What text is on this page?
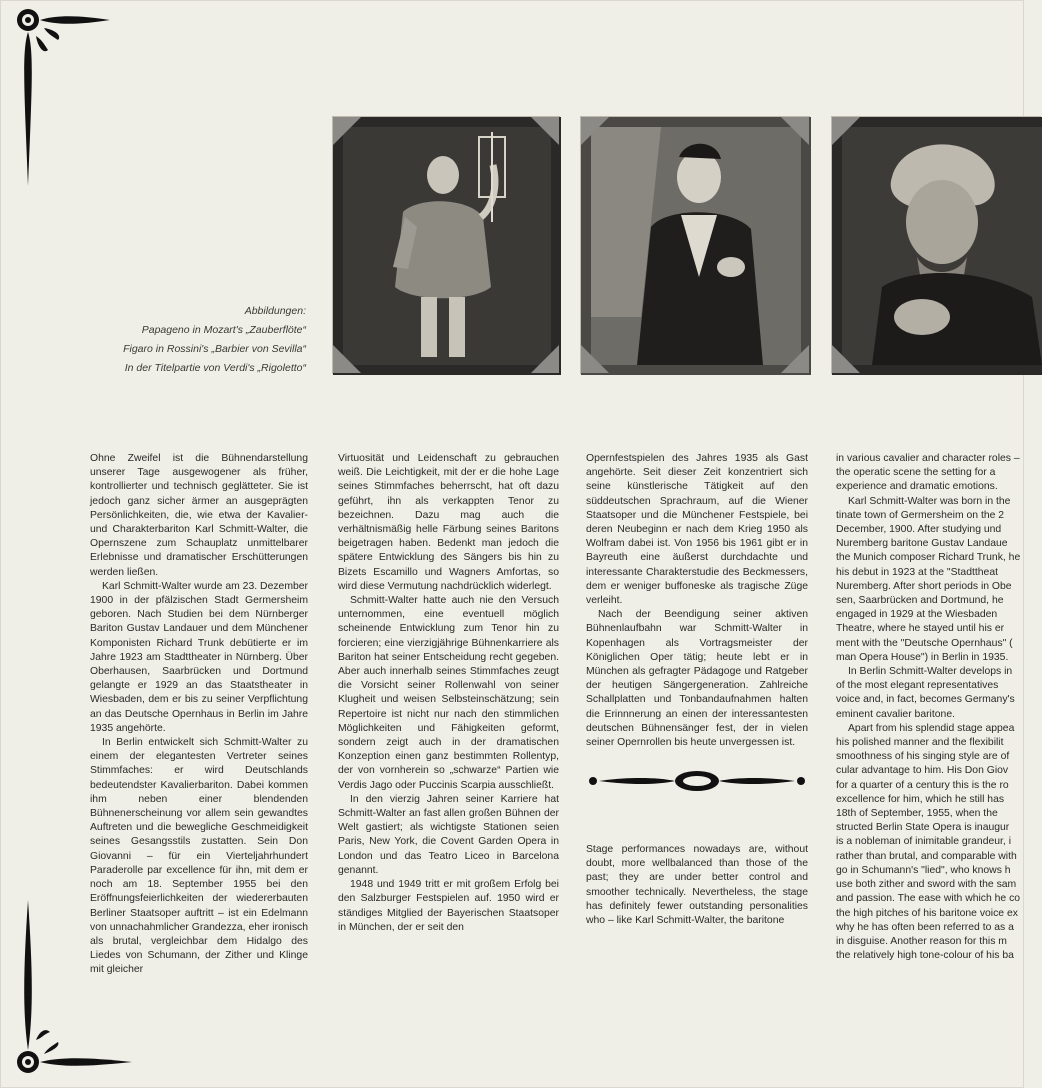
Abbildungen:
Papageno in Mozart's „Zauberflöte“
Figaro in Rossini's „Barbier von Sevilla“
In der Titelpartie von Verdi's „Rigoletto“

Ohne Zweifel ist die Bühnendarstellung unserer Tage ausgewogener als früher, kontrollierter und technisch geglätteter. Sie ist jedoch ganz sicher ärmer an ausgeprägten Persönlichkeiten, die, wie etwa der Kavalier- und Charakterbariton Karl Schmitt-Walter, die Opernszene zum Schauplatz unmittelbarer Erlebnisse und dramatischer Erschütterungen werden ließen.

Karl Schmitt-Walter wurde am 23. Dezember 1900 in der pfälzischen Stadt Germersheim geboren. Nach Studien bei dem Nürnberger Bariton Gustav Landauer und dem Münchener Komponisten Richard Trunk debütierte er im Jahre 1923 am Stadttheater in Nürnberg. Über Oberhausen, Saarbrücken und Dortmund gelangte er 1929 an das Staatstheater in Wiesbaden, dem er bis zu seiner Verpflichtung an das Deutsche Opernhaus in Berlin im Jahre 1935 angehörte.

In Berlin entwickelt sich Schmitt-Walter zu einem der elegantesten Vertreter seines Stimmfaches: er wird Deutschlands bedeutendster Kavalierbariton. Dabei kommen ihm neben einer blendenden Bühnenerscheinung vor allem sein gewandtes Auftreten und die bewegliche Geschmeidigkeit seines Gesangsstils zustatten. Sein Don Giovanni – für ein Vierteljahrhundert Paraderolle par excellence für ihn, mit dem er noch am 18. September 1955 bei den Eröffnungsfeierlichkeiten der wiedererbauten Berliner Staatsoper auftritt – ist ein Edelmann von unnachahmlicher Grandezza, eher ironisch als brutal, vergleichbar dem Hidalgo des Liedes von Schumann, der Zither und Klinge mit gleicher

Virtuosität und Leidenschaft zu gebrauchen weiß. Die Leichtigkeit, mit der er die hohe Lage seines Stimmfaches beherrscht, hat oft dazu geführt, ihn als verkappten Tenor zu bezeichnen. Dazu mag auch die verhältnismäßig helle Färbung seines Baritons beigetragen haben. Bedenkt man jedoch die spätere Entwicklung des Sängers bis hin zu Bizets Escamillo und Wagners Amfortas, so wird diese Vermutung nachdrücklich widerlegt.

Schmitt-Walter hatte auch nie den Versuch unternommen, eine eventuell möglich scheinende Entwicklung zum Tenor hin zu forcieren; eine vierzigjährige Bühnenkarriere als Bariton hat seiner Entscheidung recht gegeben. Aber auch innerhalb seines Stimmfaches zeugt die Vorsicht seiner Rollenwahl von seiner Klugheit und weisen Selbsteinschätzung; sein Repertoire ist nicht nur nach den stimmlichen Möglichkeiten und Fähigkeiten geformt, sondern zeigt auch in der dramatischen Konzeption einen ganz bestimmten Rollentyp, der von vornherein so „schwarze“ Partien wie Verdis Jago oder Puccinis Scarpia ausschließt.

In den vierzig Jahren seiner Karriere hat Schmitt-Walter an fast allen großen Bühnen der Welt gastiert; als wichtigste Stationen seien Paris, New York, die Covent Garden Opera in London und das Teatro Liceo in Barcelona genannt.

1948 und 1949 tritt er mit großem Erfolg bei den Salzburger Festspielen auf. 1950 wird er ständiges Mitglied der Bayerischen Staatsoper in München, der er seit den

Opernfestspielen des Jahres 1935 als Gast angehörte. Seit dieser Zeit konzentriert sich seine künstlerische Tätigkeit auf den süddeutschen Sprachraum, auf die Wiener Staatsoper und die Münchener Festspiele, bei deren Neubeginn er nach dem Krieg 1950 als Wolfram dabei ist. Von 1956 bis 1961 gibt er in Bayreuth eine äußerst durchdachte und interessante Charakterstudie des Beckmessers, dem er weniger buffoneske als tragische Züge verleiht.

Nach der Beendigung seiner aktiven Bühnenlaufbahn war Schmitt-Walter in Kopenhagen als Vortragsmeister der Königlichen Oper tätig; heute lebt er in München als gefragter Pädagoge und Ratgeber der heutigen Sängergeneration. Zahlreiche Schallplatten und Tonbandaufnahmen halten die Erinnnerung an einen der interessantesten deutschen Bühnensänger fest, der in vielen seiner Opernrollen bis heute unvergessen ist.

Stage performances nowadays are, without doubt, more wellbalanced than those of the past; they are under better control and smoother technically. Nevertheless, the stage has definitely fewer outstanding personalities who – like Karl Schmitt-Walter, the baritone

in various cavalier and character roles –

the operatic scene the setting for a

experience and dramatic emotions.

Karl Schmitt-Walter was born in the

tinate town of Germersheim on the 2

December, 1900. After studying und

Nuremberg baritone Gustav Landaue

the Munich composer Richard Trunk, he

his debut in 1923 at the "Stadttheat

Nuremberg. After short periods in Obe

sen, Saarbrücken and Dortmund, he

engaged in 1929 at the Wiesbaden

Theatre, where he stayed until his er

ment with the "Deutsche Opernhaus" (

man Opera House") in Berlin in 1935.

In Berlin Schmitt-Walter develops in

of the most elegant representatives

voice and, in fact, becomes Germany's

eminent cavalier baritone.

Apart from his splendid stage appea

his polished manner and the flexibilit

smoothness of his singing style are of

cular advantage to him. His Don Giov

for a quarter of a century this is the ro

excellence for him, which he still has

18th of September, 1955, when the

structed Berlin State Opera is inaugur

is a nobleman of inimitable grandeur, i

rather than brutal, and comparable with

go in Schumann's "lied", who knows h

use both zither and sword with the sam

and passion. The ease with which he co

the high pitches of his baritone voice ex

why he has often been referred to as a

in disguise. Another reason for this m

the relatively high tone-colour of his ba
